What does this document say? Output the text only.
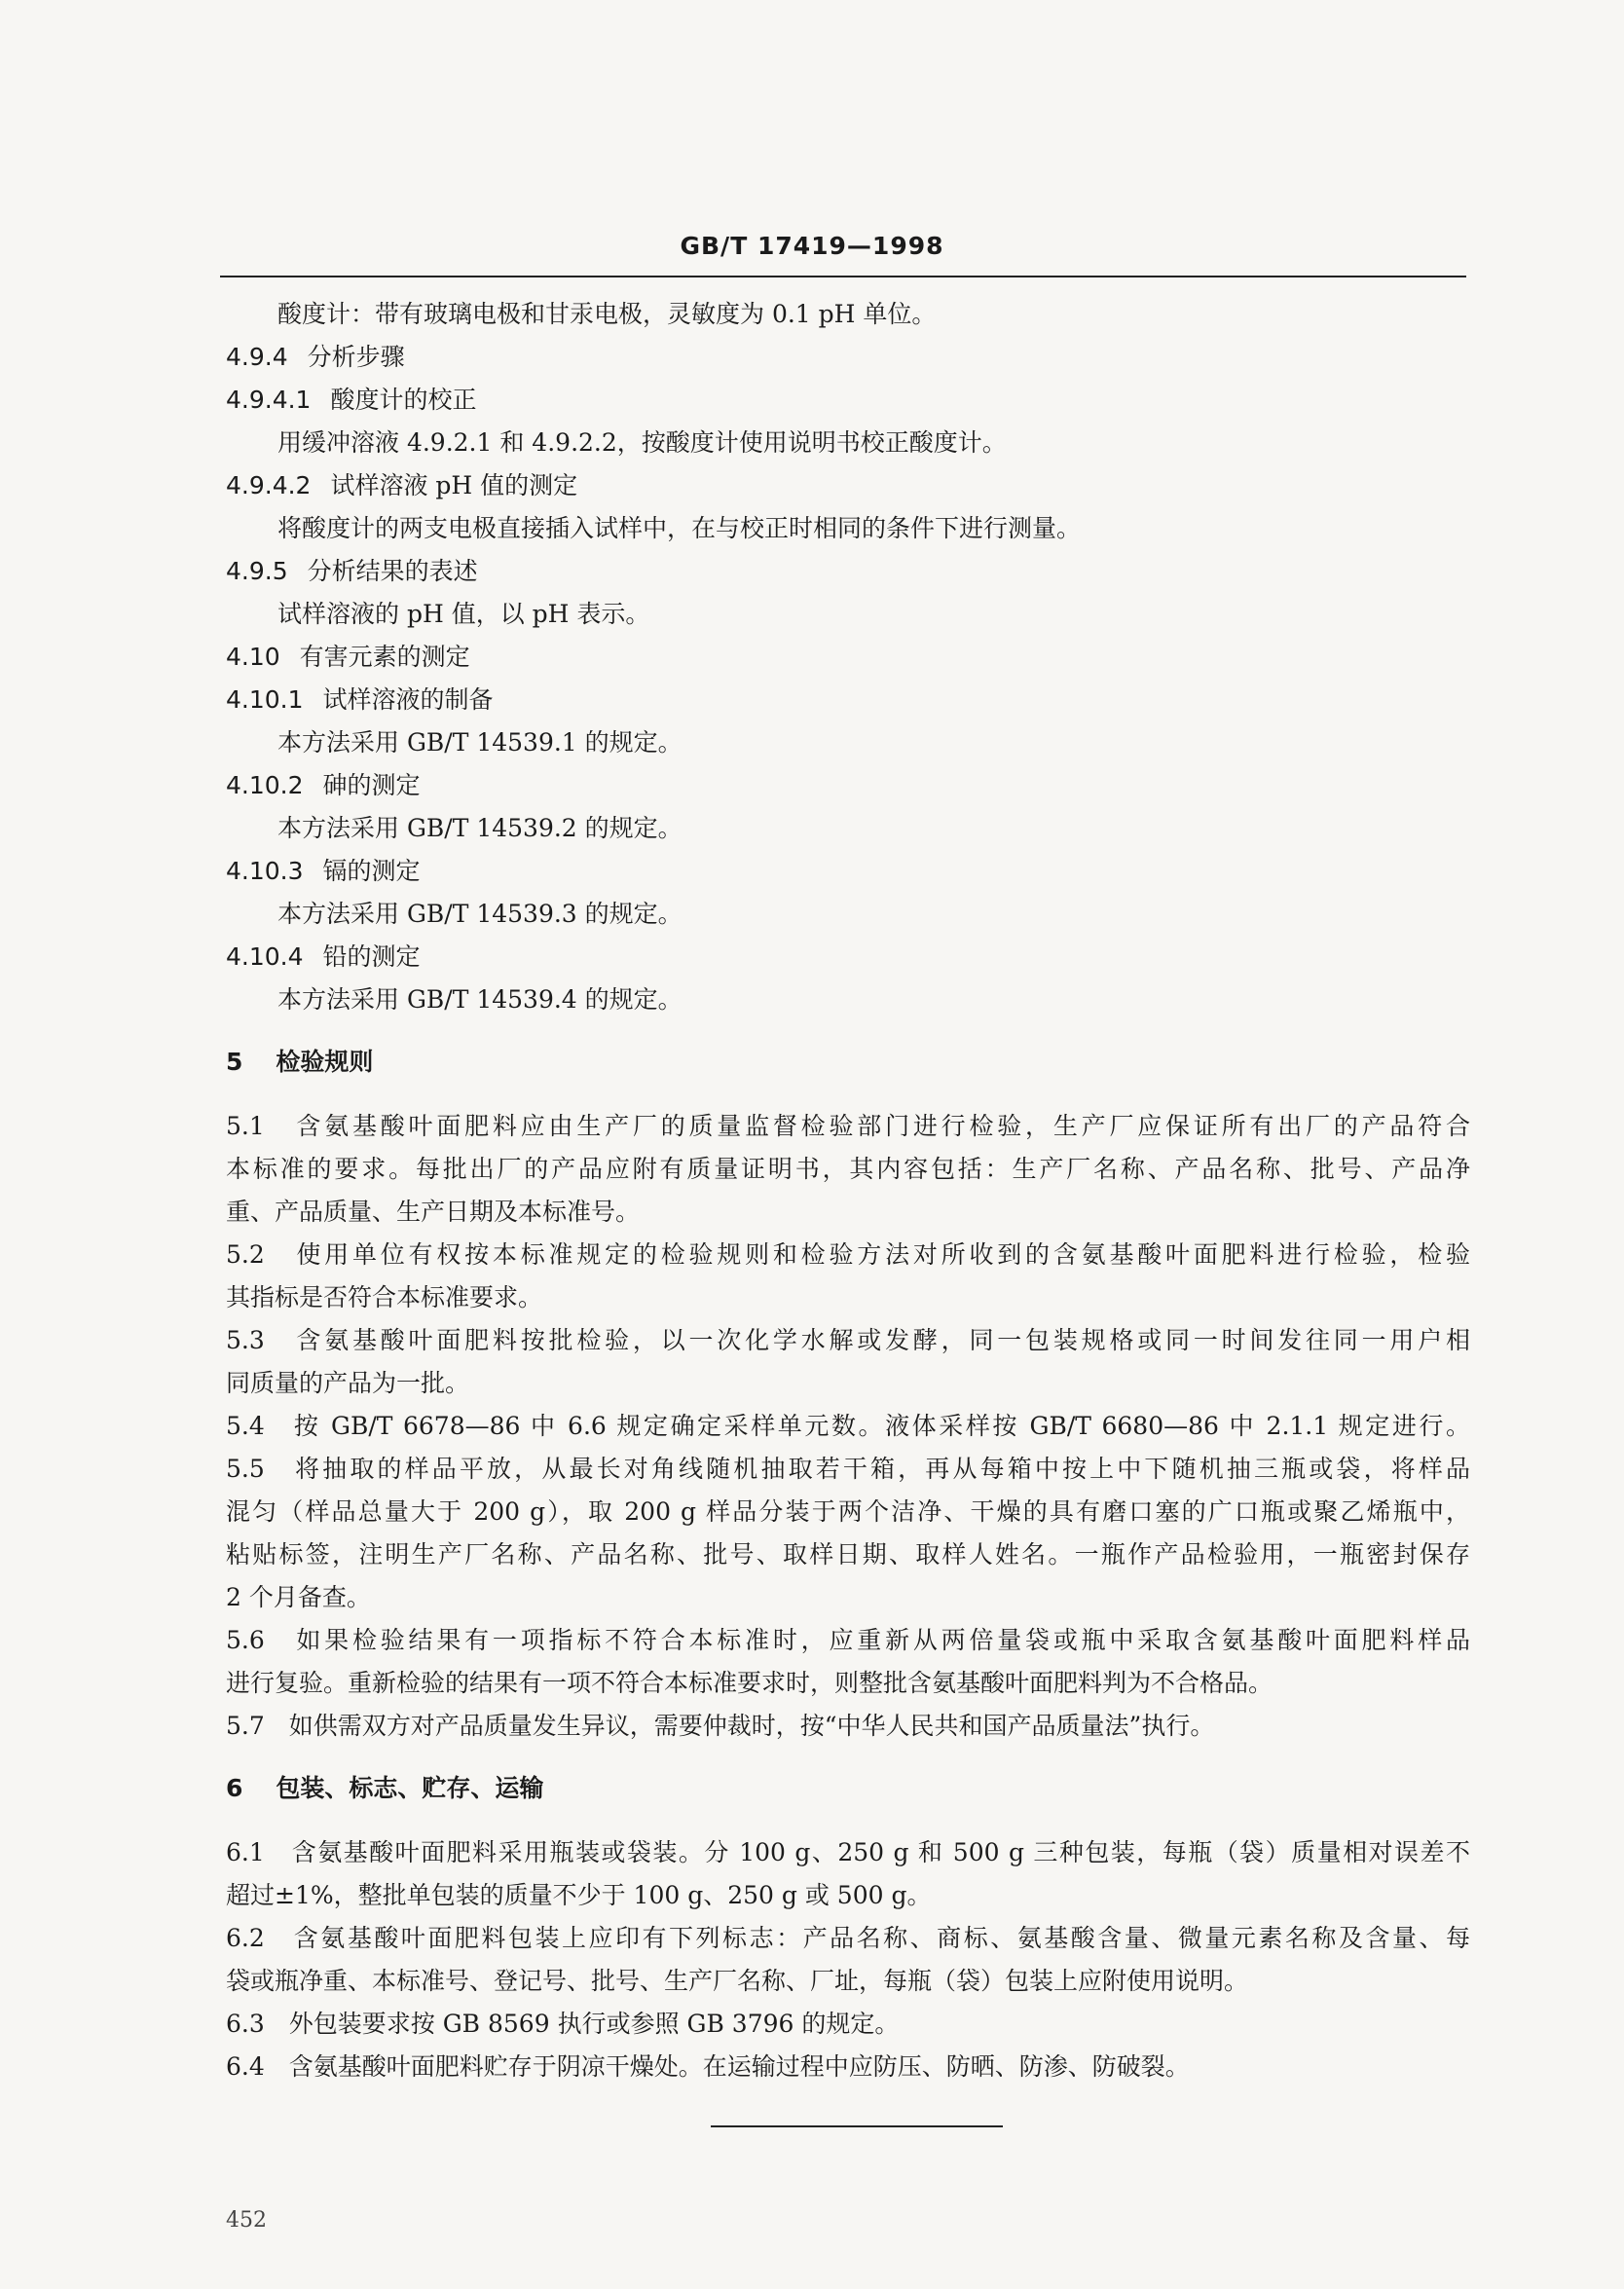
GB/T 17419—1998
酸度计：带有玻璃电极和甘汞电极，灵敏度为 0.1 pH 单位。
4.9.4 分析步骤
4.9.4.1 酸度计的校正
用缓冲溶液 4.9.2.1 和 4.9.2.2，按酸度计使用说明书校正酸度计。
4.9.4.2 试样溶液 pH 值的测定
将酸度计的两支电极直接插入试样中，在与校正时相同的条件下进行测量。
4.9.5 分析结果的表述
试样溶液的 pH 值，以 pH 表示。
4.10 有害元素的测定
4.10.1 试样溶液的制备
本方法采用 GB/T 14539.1 的规定。
4.10.2 砷的测定
本方法采用 GB/T 14539.2 的规定。
4.10.3 镉的测定
本方法采用 GB/T 14539.3 的规定。
4.10.4 铅的测定
本方法采用 GB/T 14539.4 的规定。
5 检验规则
5.1　含氨基酸叶面肥料应由生产厂的质量监督检验部门进行检验，生产厂应保证所有出厂的产品符合
本标准的要求。每批出厂的产品应附有质量证明书，其内容包括：生产厂名称、产品名称、批号、产品净
重、产品质量、生产日期及本标准号。
5.2　使用单位有权按本标准规定的检验规则和检验方法对所收到的含氨基酸叶面肥料进行检验，检验
其指标是否符合本标准要求。
5.3　含氨基酸叶面肥料按批检验，以一次化学水解或发酵，同一包装规格或同一时间发往同一用户相
同质量的产品为一批。
5.4　按 GB/T 6678—86 中 6.6 规定确定采样单元数。液体采样按 GB/T 6680—86 中 2.1.1 规定进行。
5.5　将抽取的样品平放，从最长对角线随机抽取若干箱，再从每箱中按上中下随机抽三瓶或袋，将样品
混匀（样品总量大于 200 g），取 200 g 样品分装于两个洁净、干燥的具有磨口塞的广口瓶或聚乙烯瓶中，
粘贴标签，注明生产厂名称、产品名称、批号、取样日期、取样人姓名。一瓶作产品检验用，一瓶密封保存
2 个月备查。
5.6　如果检验结果有一项指标不符合本标准时，应重新从两倍量袋或瓶中采取含氨基酸叶面肥料样品
进行复验。重新检验的结果有一项不符合本标准要求时，则整批含氨基酸叶面肥料判为不合格品。
5.7　如供需双方对产品质量发生异议，需要仲裁时，按“中华人民共和国产品质量法”执行。
6 包装、标志、贮存、运输
6.1　含氨基酸叶面肥料采用瓶装或袋装。分 100 g、250 g 和 500 g 三种包装，每瓶（袋）质量相对误差不
超过±1%，整批单包装的质量不少于 100 g、250 g 或 500 g。
6.2　含氨基酸叶面肥料包装上应印有下列标志：产品名称、商标、氨基酸含量、微量元素名称及含量、每
袋或瓶净重、本标准号、登记号、批号、生产厂名称、厂址，每瓶（袋）包装上应附使用说明。
6.3　外包装要求按 GB 8569 执行或参照 GB 3796 的规定。
6.4　含氨基酸叶面肥料贮存于阴凉干燥处。在运输过程中应防压、防晒、防渗、防破裂。
452
